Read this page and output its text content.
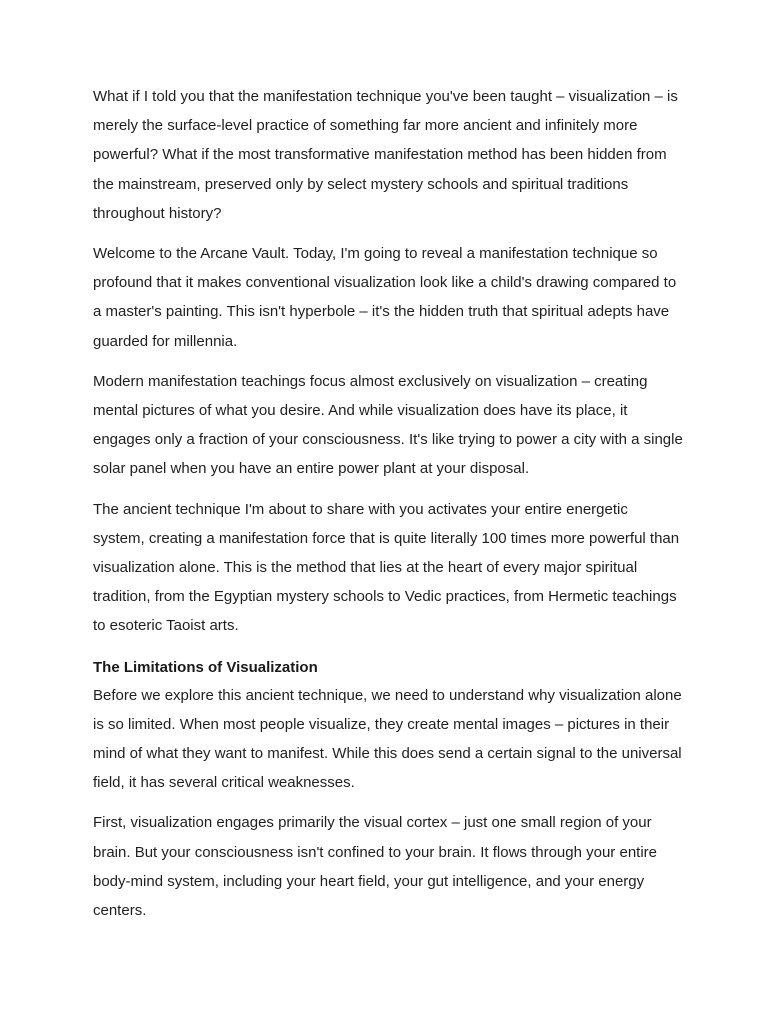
What if I told you that the manifestation technique you've been taught – visualization – is merely the surface-level practice of something far more ancient and infinitely more powerful? What if the most transformative manifestation method has been hidden from the mainstream, preserved only by select mystery schools and spiritual traditions throughout history?

Welcome to the Arcane Vault. Today, I'm going to reveal a manifestation technique so profound that it makes conventional visualization look like a child's drawing compared to a master's painting. This isn't hyperbole – it's the hidden truth that spiritual adepts have guarded for millennia.

Modern manifestation teachings focus almost exclusively on visualization – creating mental pictures of what you desire. And while visualization does have its place, it engages only a fraction of your consciousness. It's like trying to power a city with a single solar panel when you have an entire power plant at your disposal.

The ancient technique I'm about to share with you activates your entire energetic system, creating a manifestation force that is quite literally 100 times more powerful than visualization alone. This is the method that lies at the heart of every major spiritual tradition, from the Egyptian mystery schools to Vedic practices, from Hermetic teachings to esoteric Taoist arts.

The Limitations of Visualization

Before we explore this ancient technique, we need to understand why visualization alone is so limited. When most people visualize, they create mental images – pictures in their mind of what they want to manifest. While this does send a certain signal to the universal field, it has several critical weaknesses.

First, visualization engages primarily the visual cortex – just one small region of your brain. But your consciousness isn't confined to your brain. It flows through your entire body-mind system, including your heart field, your gut intelligence, and your energy centers.
